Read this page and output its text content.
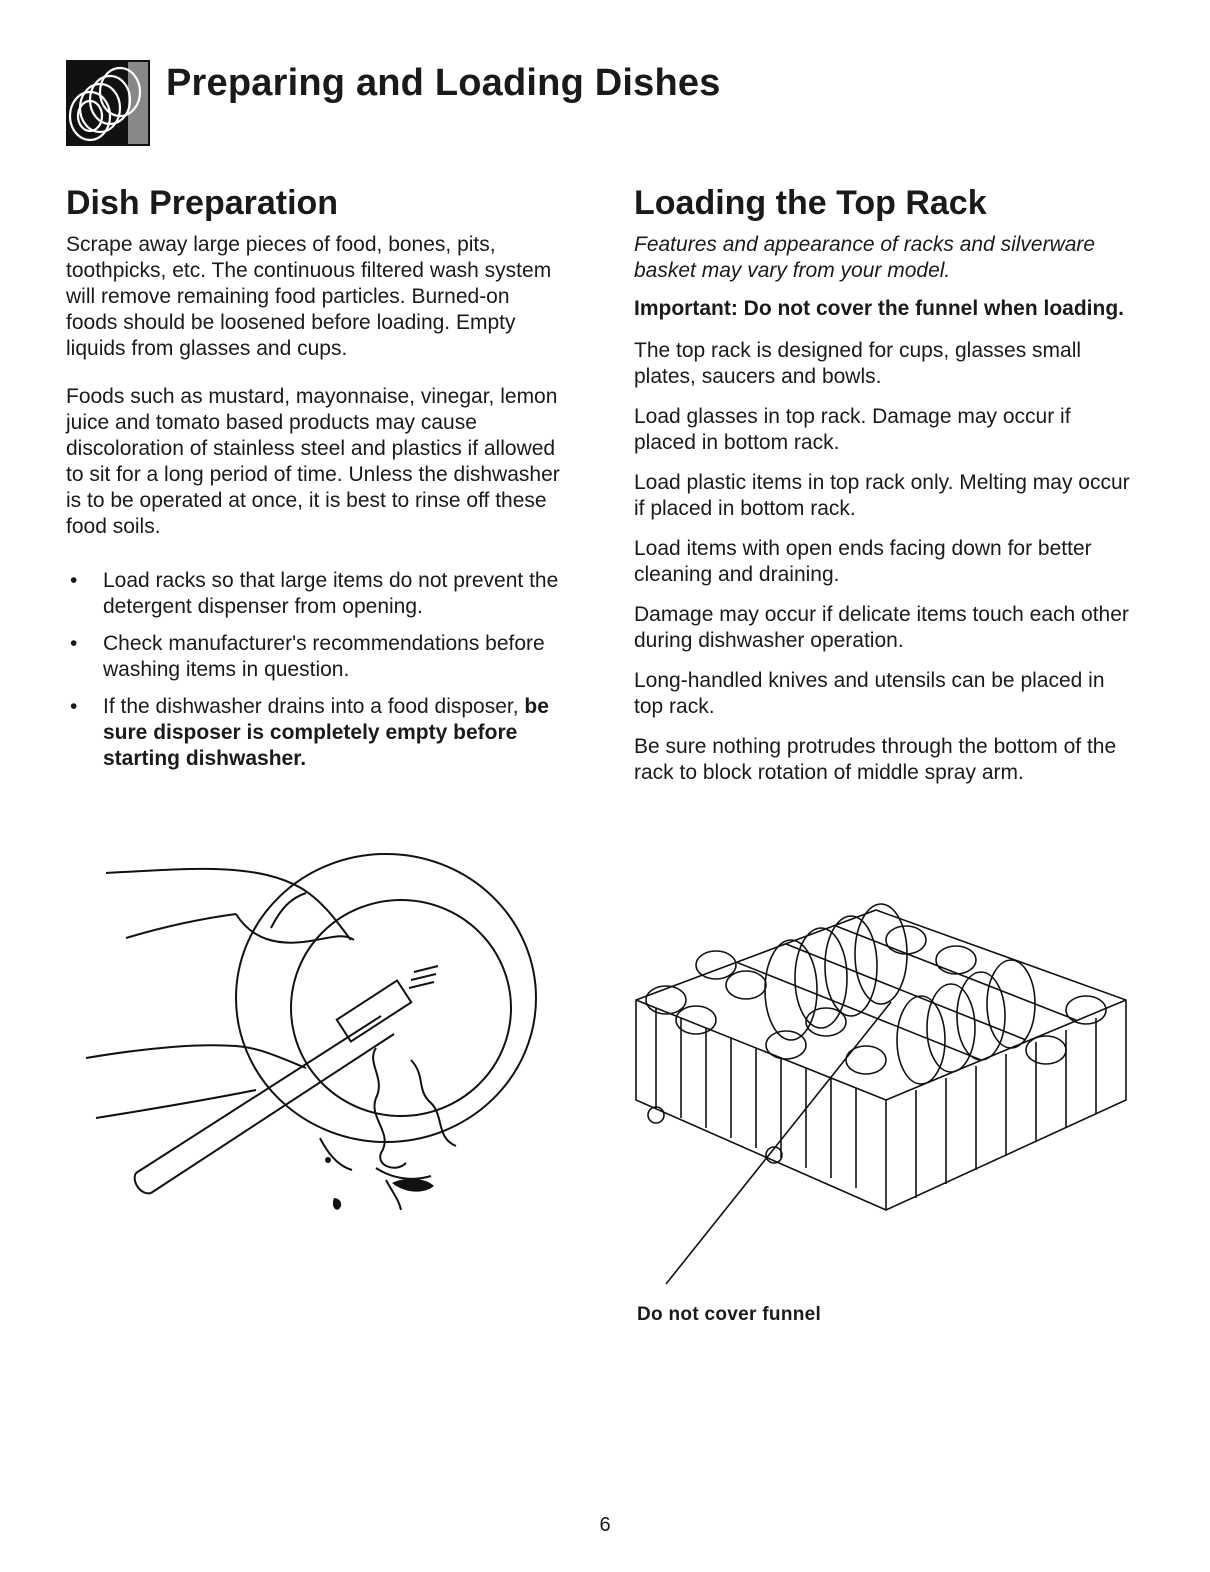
Preparing and Loading Dishes
Dish Preparation

Scrape away large pieces of food, bones, pits, toothpicks, etc. The continuous filtered wash system will remove remaining food particles. Burned-on foods should be loosened before loading. Empty liquids from glasses and cups.

Foods such as mustard, mayonnaise, vinegar, lemon juice and tomato based products may cause discoloration of stainless steel and plastics if allowed to sit for a long period of time. Unless the dishwasher is to be operated at once, it is best to rinse off these food soils.

• Load racks so that large items do not prevent the detergent dispenser from opening.
• Check manufacturer's recommendations before washing items in question.
• If the dishwasher drains into a food disposer, be sure disposer is completely empty before starting dishwasher.
Loading the Top Rack

Features and appearance of racks and silverware basket may vary from your model.

Important: Do not cover the funnel when loading.

The top rack is designed for cups, glasses small plates, saucers and bowls.

Load glasses in top rack. Damage may occur if placed in bottom rack.

Load plastic items in top rack only. Melting may occur if placed in bottom rack.

Load items with open ends facing down for better cleaning and draining.

Damage may occur if delicate items touch each other during dishwasher operation.

Long-handled knives and utensils can be placed in top rack.

Be sure nothing protrudes through the bottom of the rack to block rotation of middle spray arm.

Do not cover funnel

6
